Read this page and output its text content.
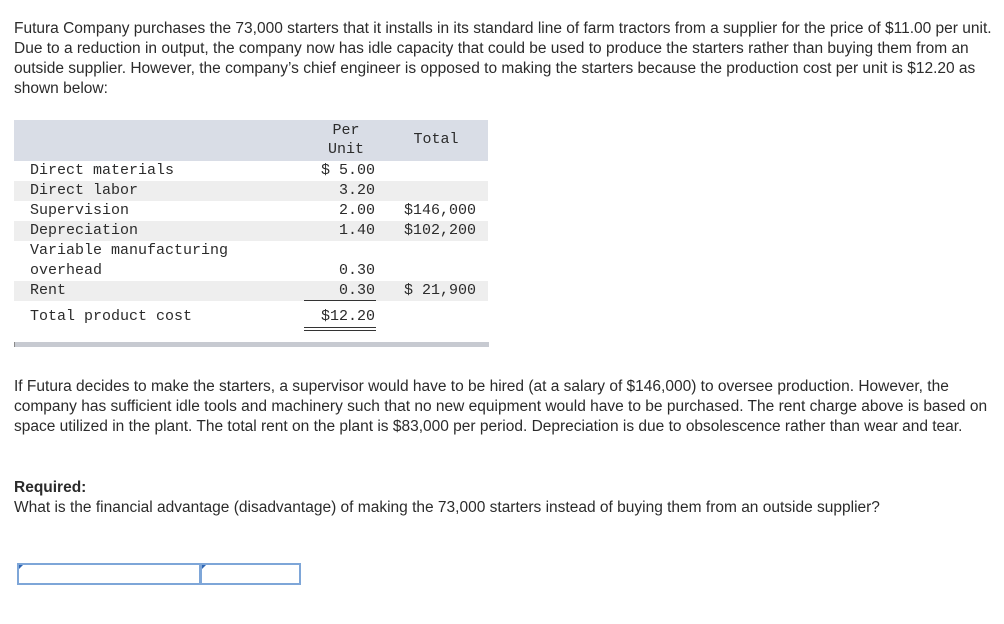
Futura Company purchases the 73,000 starters that it installs in its standard line of farm tractors from a supplier for the price of $11.00 per unit. Due to a reduction in output, the company now has idle capacity that could be used to produce the starters rather than buying them from an outside supplier. However, the company’s chief engineer is opposed to making the starters because the production cost per unit is $12.20 as shown below:

Per Unit
Total
Direct materials	$ 5.00
Direct labor	3.20
Supervision	2.00	$146,000
Depreciation	1.40	$102,200
Variable manufacturing
overhead	0.30
Rent	0.30	$ 21,900
Total product cost	$12.20

If Futura decides to make the starters, a supervisor would have to be hired (at a salary of $146,000) to oversee production. However, the company has sufficient idle tools and machinery such that no new equipment would have to be purchased. The rent charge above is based on space utilized in the plant. The total rent on the plant is $83,000 per period. Depreciation is due to obsolescence rather than wear and tear.

Required:

What is the financial advantage (disadvantage) of making the 73,000 starters instead of buying them from an outside supplier?
